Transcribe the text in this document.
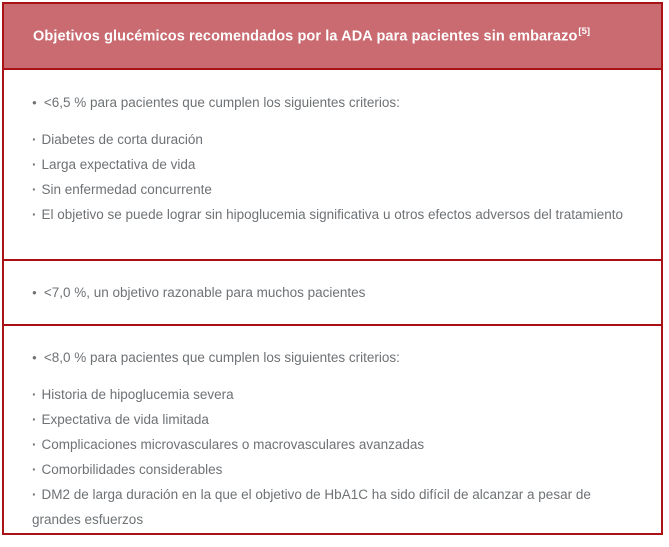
Objetivos glucémicos recomendados por la ADA para pacientes sin embarazo[5]
● <6,5 % para pacientes que cumplen los siguientes criterios:
· Diabetes de corta duración
· Larga expectativa de vida
· Sin enfermedad concurrente
· El objetivo se puede lograr sin hipoglucemia significativa u otros efectos adversos del tratamiento
● <7,0 %, un objetivo razonable para muchos pacientes
● <8,0 % para pacientes que cumplen los siguientes criterios:
· Historia de hipoglucemia severa
· Expectativa de vida limitada
· Complicaciones microvasculares o macrovasculares avanzadas
· Comorbilidades considerables
· DM2 de larga duración en la que el objetivo de HbA1C ha sido difícil de alcanzar a pesar de grandes esfuerzos
